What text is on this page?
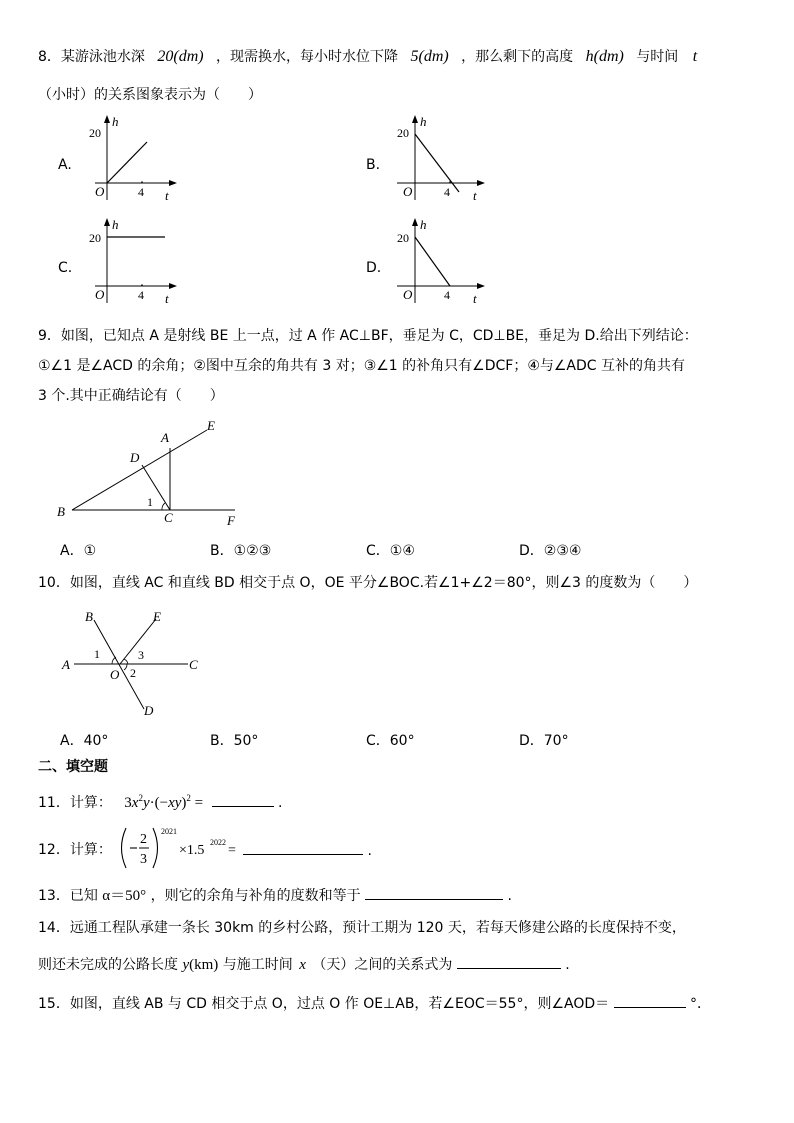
8．某游泳池水深 20(dm) ，现需换水，每小时水位下降 5(dm) ，那么剩下的高度 h(dm) 与时间 t
（小时）的关系图象表示为（　　）
A.	B.
C.	D.
h
20
O	4 t
h
20
O	4 t
h
20
O	4 t
h
20
O	4 t
9．如图，已知点 A 是射线 BE 上一点，过 A 作 AC⊥BF，垂足为 C，CD⊥BE，垂足为 D.给出下列结论：
①∠1 是∠ACD 的余角；②图中互余的角共有 3 对；③∠1 的补角只有∠DCF；④与∠ADC 互补的角共有
3 个.其中正确结论有（　　）
A
B	C
D
E
F
1
A．①	B．①②③	C．①④	D．②③④
10．如图，直线 AC 和直线 BD 相交于点 O，OE 平分∠BOC.若∠1+∠2＝80°，则∠3 的度数为（　　）
A
B
C
D
E
O
1
2
3
A．40°	B．50°	C．60°	D．70°
二、填空题
11．计算： $3x^2y\cdot(-xy)^2$ =	.
12．计算：
2
3
2021
×1.5
2022
=	.
13．已知 α＝50° ，则它的余角与补角的度数和等于	.
14．远通工程队承建一条长 30km 的乡村公路，预计工期为 120 天，若每天修建公路的长度保持不变，
则还未完成的公路长度 y(km) 与施工时间 x （天）之间的关系式为	.
15．如图，直线 AB 与 CD 相交于点 O，过点 O 作 OE⊥AB，若∠EOC＝55°，则∠AOD＝	°．
